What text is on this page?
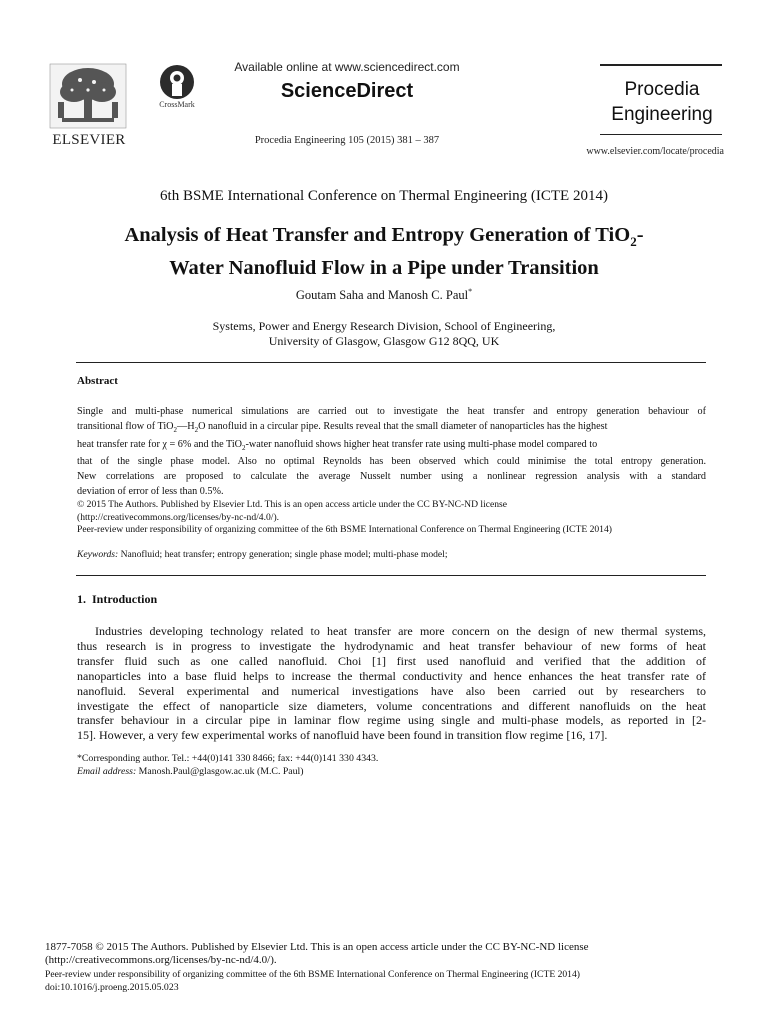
ELSEVIER
CrossMark
Available online at www.sciencedirect.com
ScienceDirect
Procedia Engineering 105 (2015) 381 – 387
Procedia
Engineering
www.elsevier.com/locate/procedia
6th BSME International Conference on Thermal Engineering (ICTE 2014)
Analysis of Heat Transfer and Entropy Generation of TiO$_2$-
Water Nanofluid Flow in a Pipe under Transition
Goutam Saha and Manosh C. Paul*
Systems, Power and Energy Research Division, School of Engineering,
University of Glasgow, Glasgow G12 8QQ, UK
Abstract
Single and multi-phase numerical simulations are carried out to investigate the heat transfer and entropy generation behaviour of
transitional flow of $TiO_2—H_2O$ nanofluid in a circular pipe. Results reveal that the small diameter of nanoparticles has the highest
heat transfer rate for χ = 6% and the TiO$_2$-water nanofluid shows higher heat transfer rate using multi-phase model compared to
that of the single phase model. Also no optimal Reynolds has been observed which could minimise the total entropy generation.
New correlations are proposed to calculate the average Nusselt number using a nonlinear regression analysis with a standard
deviation of error of less than 0.5%.
© 2015 The Authors. Published by Elsevier Ltd. This is an open access article under the CC BY-NC-ND license
(http://creativecommons.org/licenses/by-nc-nd/4.0/).
Peer-review under responsibility of organizing committee of the 6th BSME International Conference on Thermal Engineering (ICTE 2014)
Keywords: Nanofluid; heat transfer; entropy generation; single phase model; multi-phase model;
1. Introduction
Industries developing technology related to heat transfer are more concern on the design of new thermal systems,
thus research is in progress to investigate the hydrodynamic and heat transfer behaviour of new forms of heat
transfer fluid such as one called nanofluid. Choi [1] first used nanofluid and verified that the addition of
nanoparticles into a base fluid helps to increase the thermal conductivity and hence enhances the heat transfer rate of
nanofluid. Several experimental and numerical investigations have also been carried out by researchers to
investigate the effect of nanoparticle size diameters, volume concentrations and different nanofluids on the heat
transfer behaviour in a circular pipe in laminar flow regime using single and multi-phase models, as reported in [2-
15]. However, a very few experimental works of nanofluid have been found in transition flow regime [16, 17].
*Corresponding author. Tel.: +44(0)141 330 8466; fax: +44(0)141 330 4343.
Email address: Manosh.Paul@glasgow.ac.uk (M.C. Paul)
1877-7058 © 2015 The Authors. Published by Elsevier Ltd. This is an open access article under the CC BY-NC-ND license
(http://creativecommons.org/licenses/by-nc-nd/4.0/).
Peer-review under responsibility of organizing committee of the 6th BSME International Conference on Thermal Engineering (ICTE 2014)
doi:10.1016/j.proeng.2015.05.023
